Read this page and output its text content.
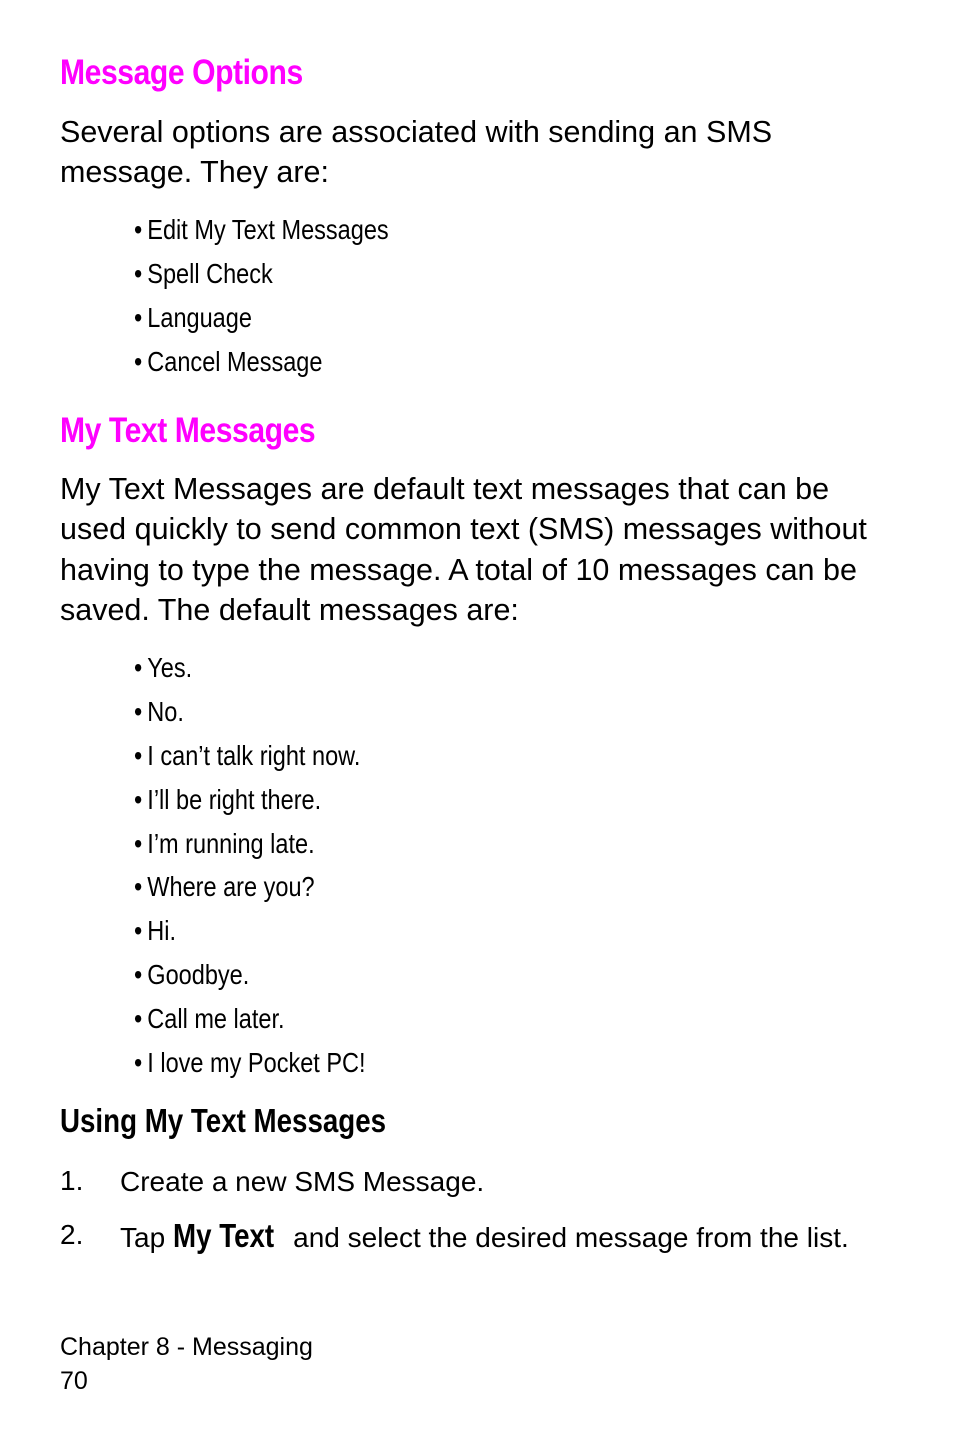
Message Options
Several options are associated with sending an SMS message. They are:
• Edit My Text Messages
• Spell Check
• Language
• Cancel Message
My Text Messages
My Text Messages are default text messages that can be used quickly to send common text (SMS) messages without having to type the message. A total of 10 messages can be saved. The default messages are:
• Yes.
• No.
• I can’t talk right now.
• I’ll be right there.
• I’m running late.
• Where are you?
• Hi.
• Goodbye.
• Call me later.
• I love my Pocket PC!
Using My Text Messages
1. Create a new SMS Message.
2. Tap My Text and select the desired message from the list.
Chapter 8 - Messaging
70
